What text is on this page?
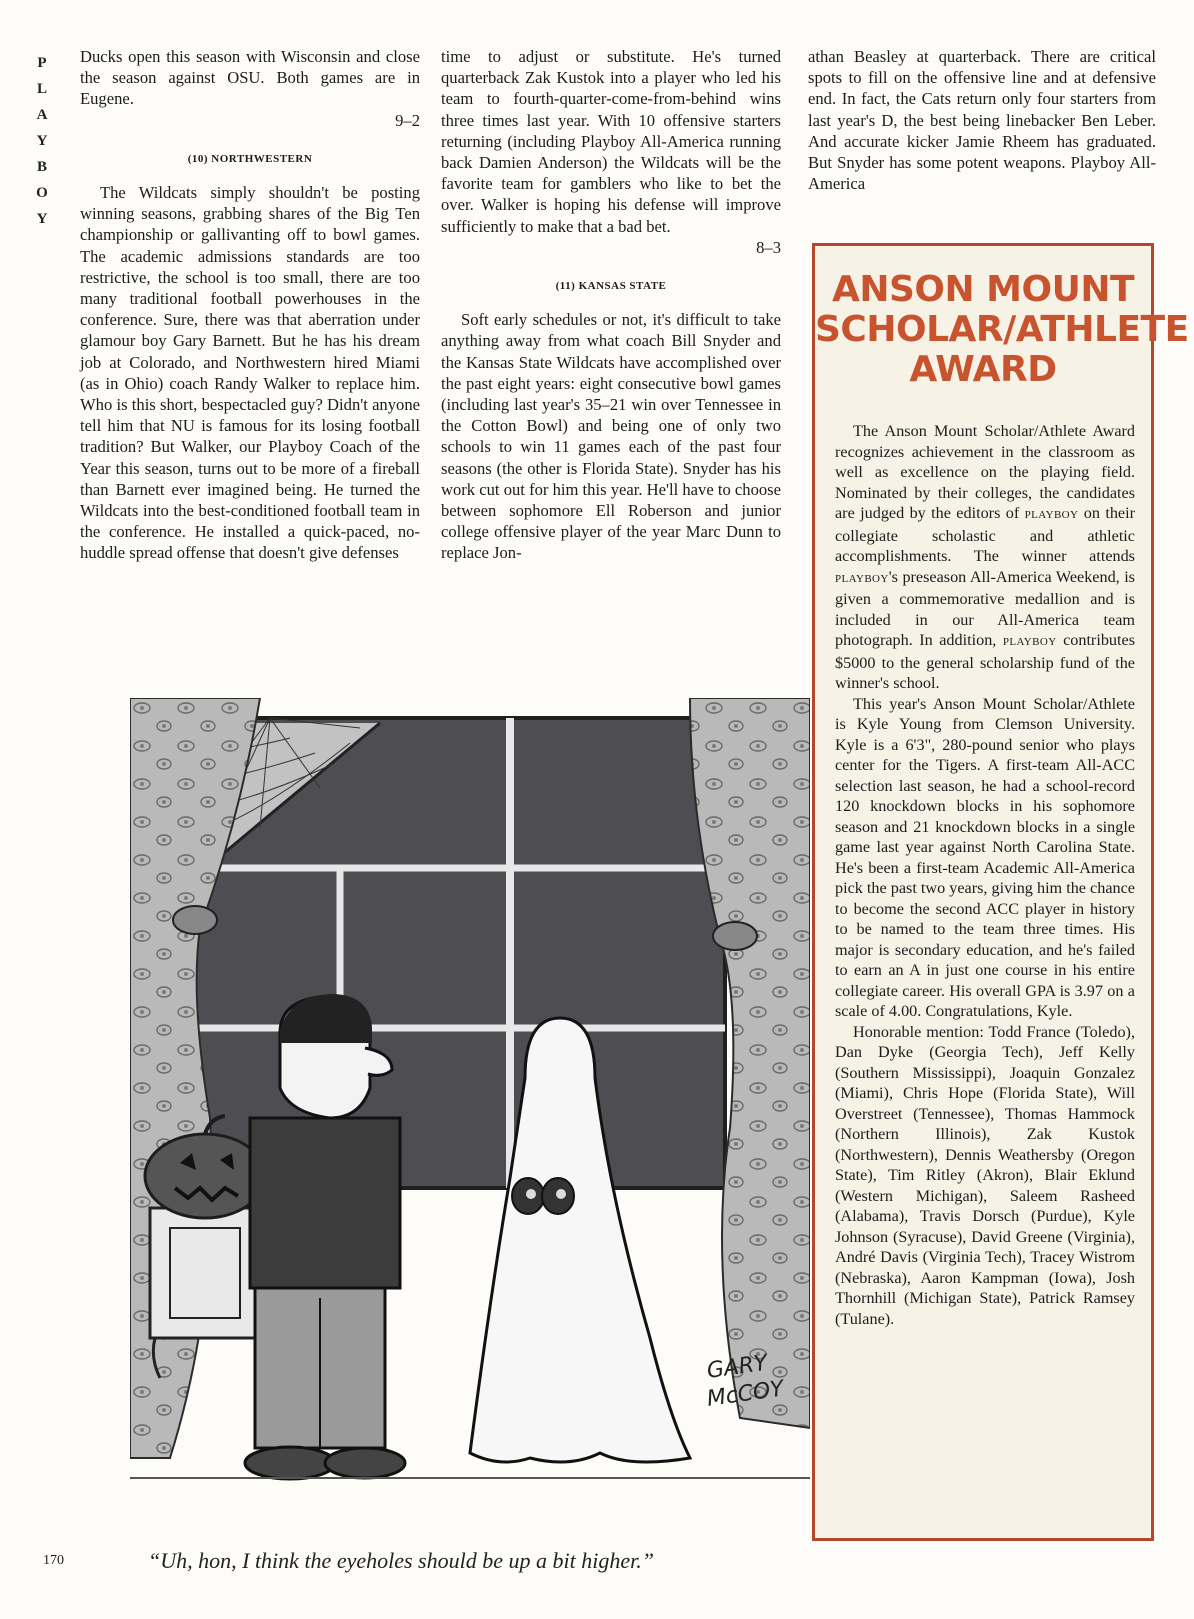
P
L
A
Y
B
O
Y

Ducks open this season with Wisconsin and close the season against OSU. Both games are in Eugene.

9–2

(10) NORTHWESTERN

The Wildcats simply shouldn't be posting winning seasons, grabbing shares of the Big Ten championship or gallivanting off to bowl games. The academic admissions standards are too restrictive, the school is too small, there are too many traditional football powerhouses in the conference. Sure, there was that aberration under glamour boy Gary Barnett. But he has his dream job at Colorado, and Northwestern hired Miami (as in Ohio) coach Randy Walker to replace him. Who is this short, bespectacled guy? Didn't anyone tell him that NU is famous for its losing football tradition? But Walker, our Playboy Coach of the Year this season, turns out to be more of a fireball than Barnett ever imagined being. He turned the Wildcats into the best-conditioned football team in the conference. He installed a quick-paced, no-huddle spread offense that doesn't give defenses

time to adjust or substitute. He's turned quarterback Zak Kustok into a player who led his team to fourth-quarter-come-from-behind wins three times last year. With 10 offensive starters returning (including Playboy All-America running back Damien Anderson) the Wildcats will be the favorite team for gamblers who like to bet the over. Walker is hoping his defense will improve sufficiently to make that a bad bet.

8–3

(11) KANSAS STATE

Soft early schedules or not, it's difficult to take anything away from what coach Bill Snyder and the Kansas State Wildcats have accomplished over the past eight years: eight consecutive bowl games (including last year's 35–21 win over Tennessee in the Cotton Bowl) and being one of only two schools to win 11 games each of the past four seasons (the other is Florida State). Snyder has his work cut out for him this year. He'll have to choose between sophomore Ell Roberson and junior college offensive player of the year Marc Dunn to replace Jon-

athan Beasley at quarterback. There are critical spots to fill on the offensive line and at defensive end. In fact, the Cats return only four starters from last year's D, the best being linebacker Ben Leber. And accurate kicker Jamie Rheem has graduated. But Snyder has some potent weapons. Playboy All-America

ANSON MOUNT
SCHOLAR/ATHLETE
AWARD

The Anson Mount Scholar/Athlete Award recognizes achievement in the classroom as well as excellence on the playing field. Nominated by their colleges, the candidates are judged by the editors of PLAYBOY on their collegiate scholastic and athletic accomplishments. The winner attends PLAYBOY's preseason All-America Weekend, is given a commemorative medallion and is included in our All-America team photograph. In addition, PLAYBOY contributes $5000 to the general scholarship fund of the winner's school.

This year's Anson Mount Scholar/Athlete is Kyle Young from Clemson University. Kyle is a 6'3", 280-pound senior who plays center for the Tigers. A first-team All-ACC selection last season, he had a school-record 120 knockdown blocks in his sophomore season and 21 knockdown blocks in a single game last year against North Carolina State. He's been a first-team Academic All-America pick the past two years, giving him the chance to become the second ACC player in history to be named to the team three times. His major is secondary education, and he's failed to earn an A in just one course in his entire collegiate career. His overall GPA is 3.97 on a scale of 4.00. Congratulations, Kyle.

Honorable mention: Todd France (Toledo), Dan Dyke (Georgia Tech), Jeff Kelly (Southern Mississippi), Joaquin Gonzalez (Miami), Chris Hope (Florida State), Will Overstreet (Tennessee), Thomas Hammock (Northern Illinois), Zak Kustok (Northwestern), Dennis Weathersby (Oregon State), Tim Ritley (Akron), Blair Eklund (Western Michigan), Saleem Rasheed (Alabama), Travis Dorsch (Purdue), Kyle Johnson (Syracuse), David Greene (Virginia), André Davis (Virginia Tech), Tracey Wistrom (Nebraska), Aaron Kampman (Iowa), Josh Thornhill (Michigan State), Patrick Ramsey (Tulane).

GARY
McCOY
“Uh, hon, I think the eyeholes should be up a bit higher.”
170
